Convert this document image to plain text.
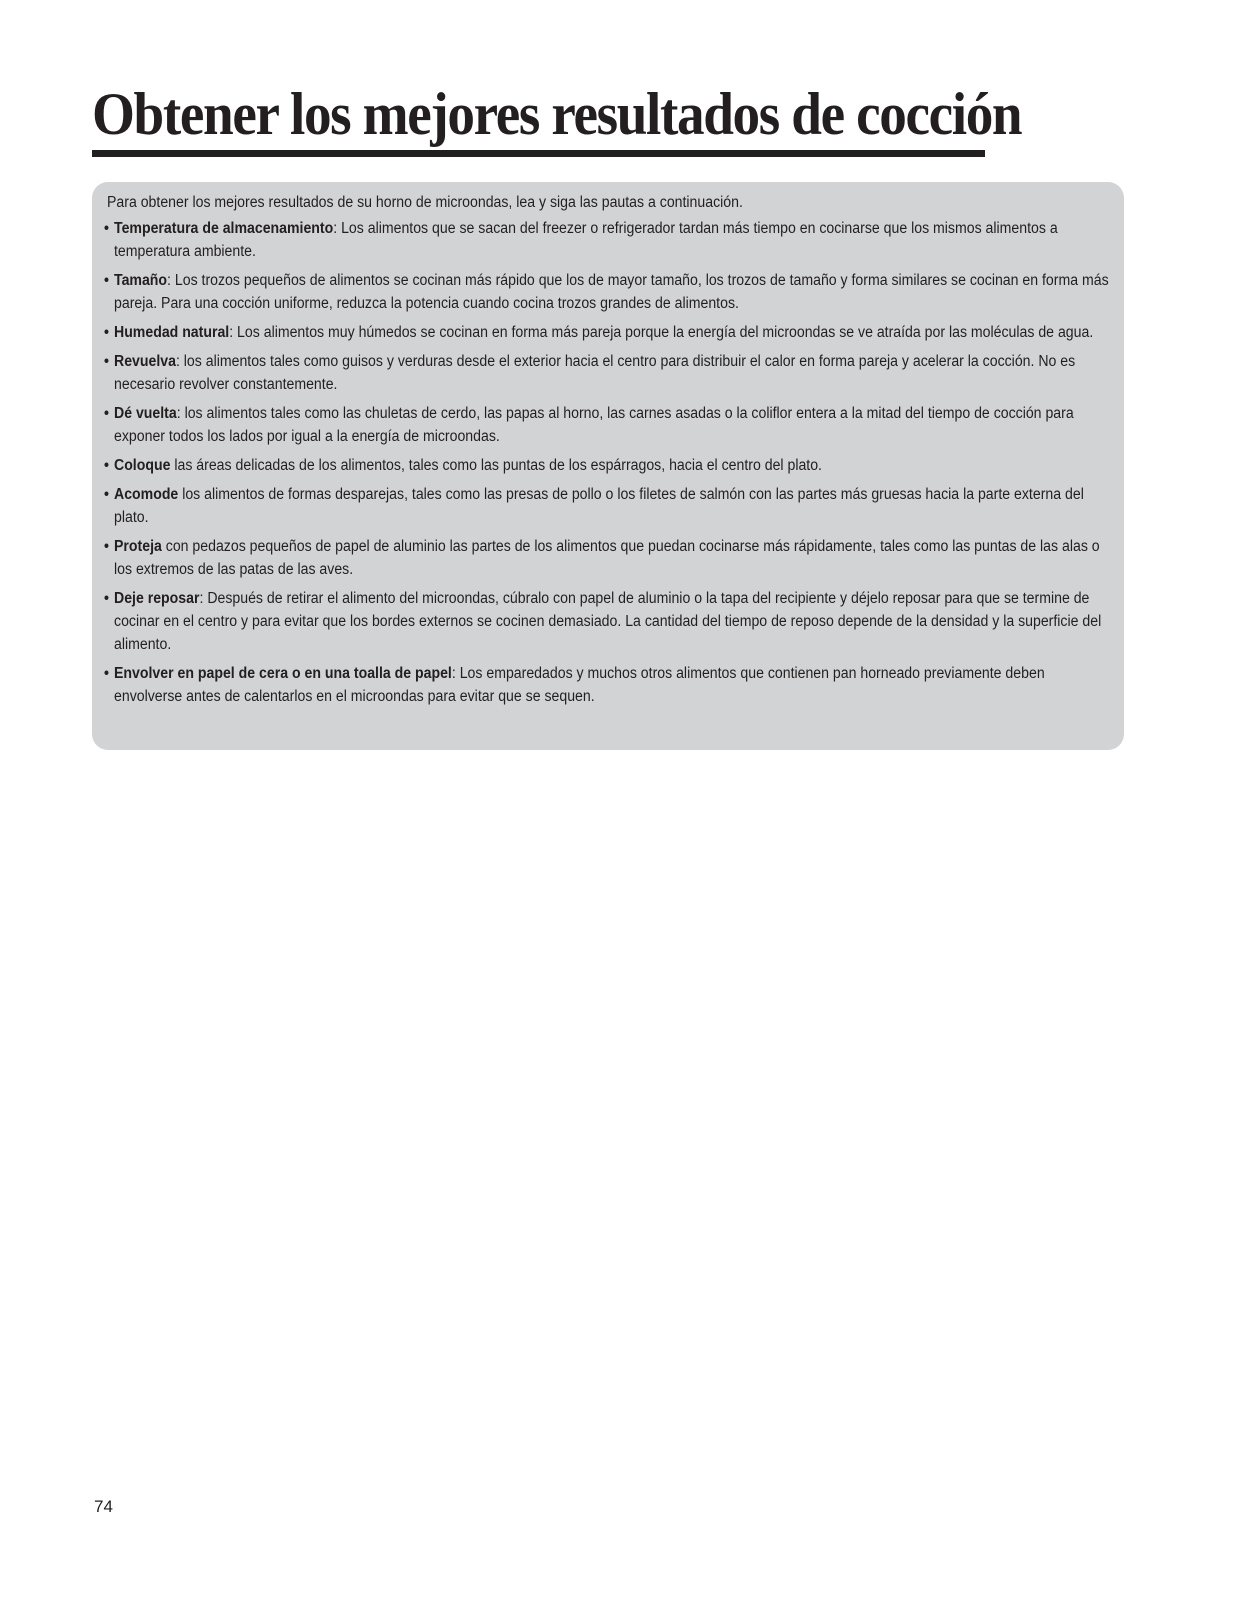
Obtener los mejores resultados de cocción

Para obtener los mejores resultados de su horno de microondas, lea y siga las pautas a continuación.

• Temperatura de almacenamiento: Los alimentos que se sacan del freezer o refrigerador tardan más tiempo en cocinarse que los mismos alimentos a temperatura ambiente.
• Tamaño: Los trozos pequeños de alimentos se cocinan más rápido que los de mayor tamaño, los trozos de tamaño y forma similares se cocinan en forma más pareja. Para una cocción uniforme, reduzca la potencia cuando cocina trozos grandes de alimentos.
• Humedad natural: Los alimentos muy húmedos se cocinan en forma más pareja porque la energía del microondas se ve atraída por las moléculas de agua.
• Revuelva: los alimentos tales como guisos y verduras desde el exterior hacia el centro para distribuir el calor en forma pareja y acelerar la cocción. No es necesario revolver constantemente.
• Dé vuelta: los alimentos tales como las chuletas de cerdo, las papas al horno, las carnes asadas o la coliflor entera a la mitad del tiempo de cocción para exponer todos los lados por igual a la energía de microondas.
• Coloque las áreas delicadas de los alimentos, tales como las puntas de los espárragos, hacia el centro del plato.
• Acomode los alimentos de formas desparejas, tales como las presas de pollo o los filetes de salmón con las partes más gruesas hacia la parte externa del plato.
• Proteja con pedazos pequeños de papel de aluminio las partes de los alimentos que puedan cocinarse más rápidamente, tales como las puntas de las alas o los extremos de las patas de las aves.
• Deje reposar: Después de retirar el alimento del microondas, cúbralo con papel de aluminio o la tapa del recipiente y déjelo reposar para que se termine de cocinar en el centro y para evitar que los bordes externos se cocinen demasiado. La cantidad del tiempo de reposo depende de la densidad y la superficie del alimento.
• Envolver en papel de cera o en una toalla de papel: Los emparedados y muchos otros alimentos que contienen pan horneado previamente deben envolverse antes de calentarlos en el microondas para evitar que se sequen.
74
